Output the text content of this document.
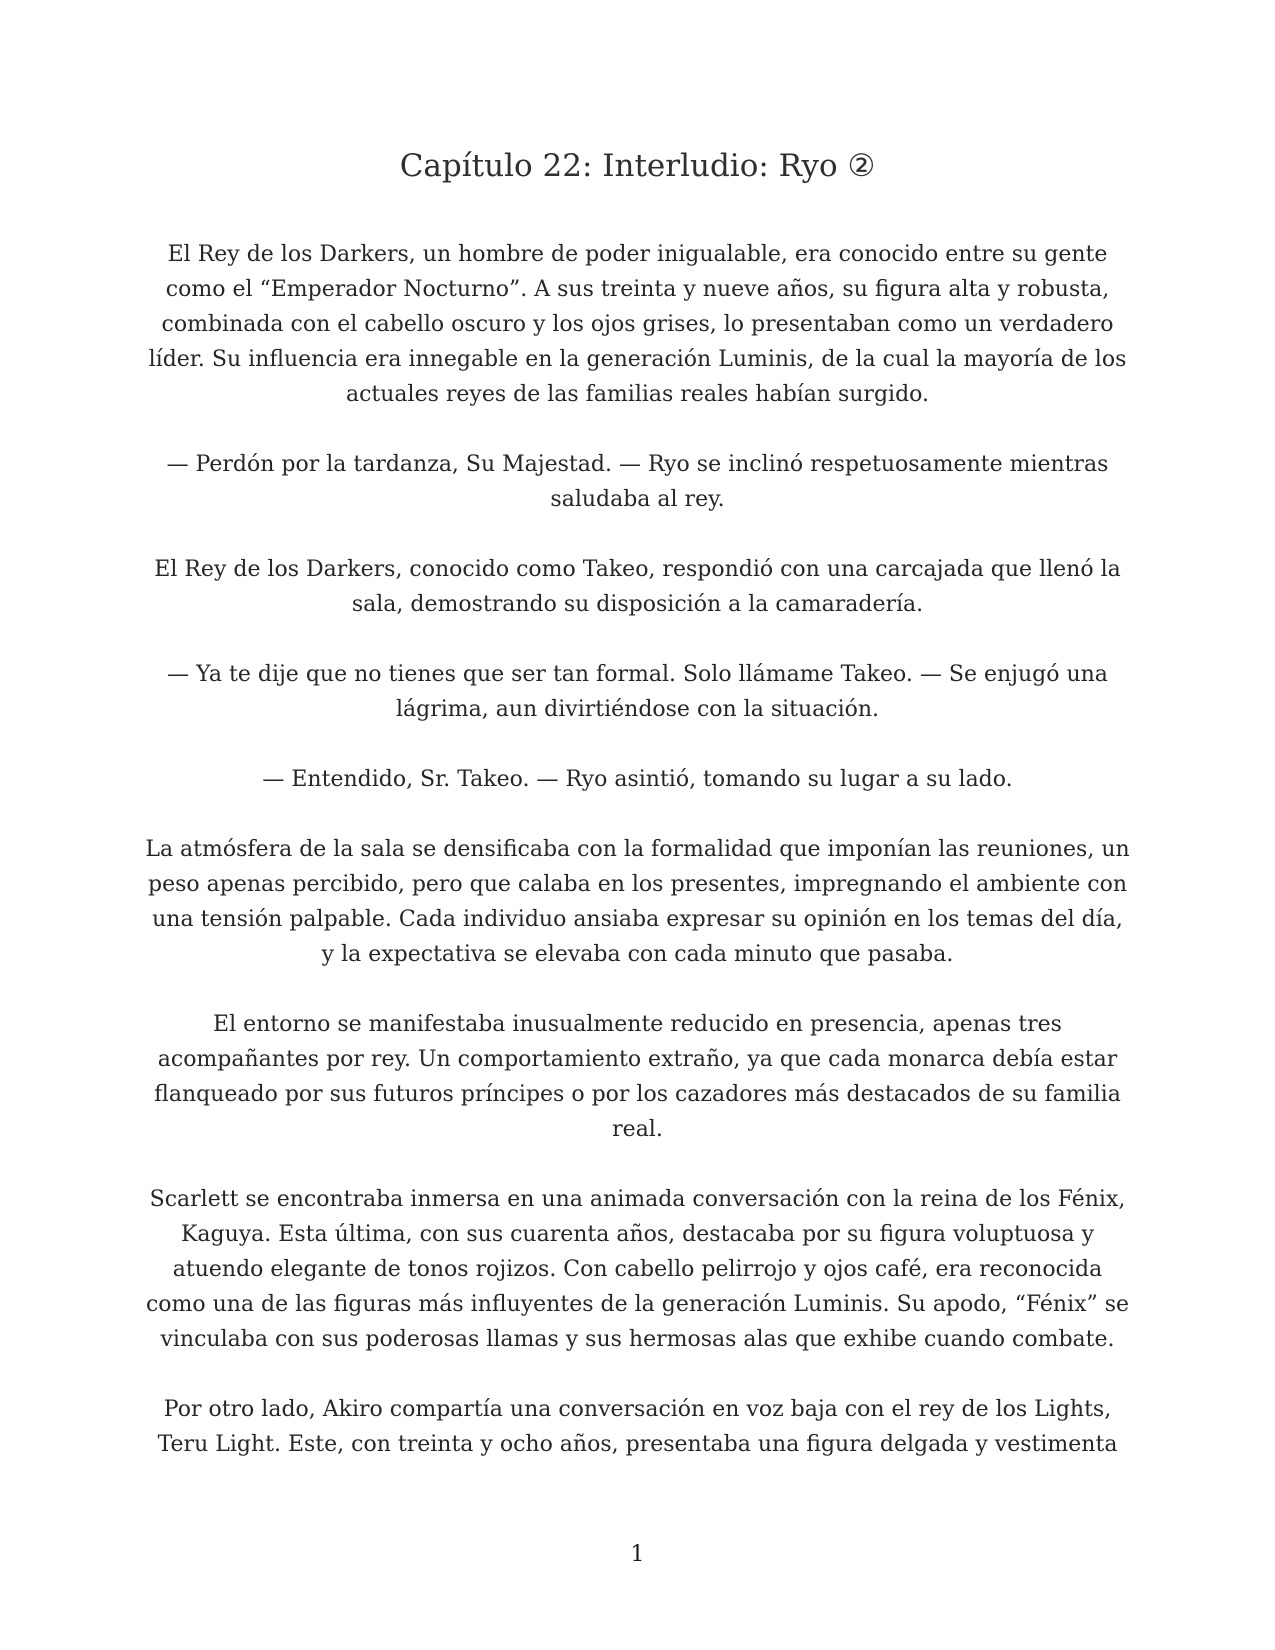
Capítulo 22: Interludio: Ryo ②

El Rey de los Darkers, un hombre de poder inigualable, era conocido entre su gente como el “Emperador Nocturno”. A sus treinta y nueve años, su figura alta y robusta, combinada con el cabello oscuro y los ojos grises, lo presentaban como un verdadero líder. Su influencia era innegable en la generación Luminis, de la cual la mayoría de los actuales reyes de las familias reales habían surgido.

— Perdón por la tardanza, Su Majestad. — Ryo se inclinó respetuosamente mientras saludaba al rey.

El Rey de los Darkers, conocido como Takeo, respondió con una carcajada que llenó la sala, demostrando su disposición a la camaradería.

— Ya te dije que no tienes que ser tan formal. Solo llámame Takeo. — Se enjugó una lágrima, aun divirtiéndose con la situación.

— Entendido, Sr. Takeo. — Ryo asintió, tomando su lugar a su lado.

La atmósfera de la sala se densificaba con la formalidad que imponían las reuniones, un peso apenas percibido, pero que calaba en los presentes, impregnando el ambiente con una tensión palpable. Cada individuo ansiaba expresar su opinión en los temas del día, y la expectativa se elevaba con cada minuto que pasaba.

El entorno se manifestaba inusualmente reducido en presencia, apenas tres acompañantes por rey. Un comportamiento extraño, ya que cada monarca debía estar flanqueado por sus futuros príncipes o por los cazadores más destacados de su familia real.

Scarlett se encontraba inmersa en una animada conversación con la reina de los Fénix, Kaguya. Esta última, con sus cuarenta años, destacaba por su figura voluptuosa y atuendo elegante de tonos rojizos. Con cabello pelirrojo y ojos café, era reconocida como una de las figuras más influyentes de la generación Luminis. Su apodo, “Fénix” se vinculaba con sus poderosas llamas y sus hermosas alas que exhibe cuando combate.

Por otro lado, Akiro compartía una conversación en voz baja con el rey de los Lights, Teru Light. Este, con treinta y ocho años, presentaba una figura delgada y vestimenta

1
